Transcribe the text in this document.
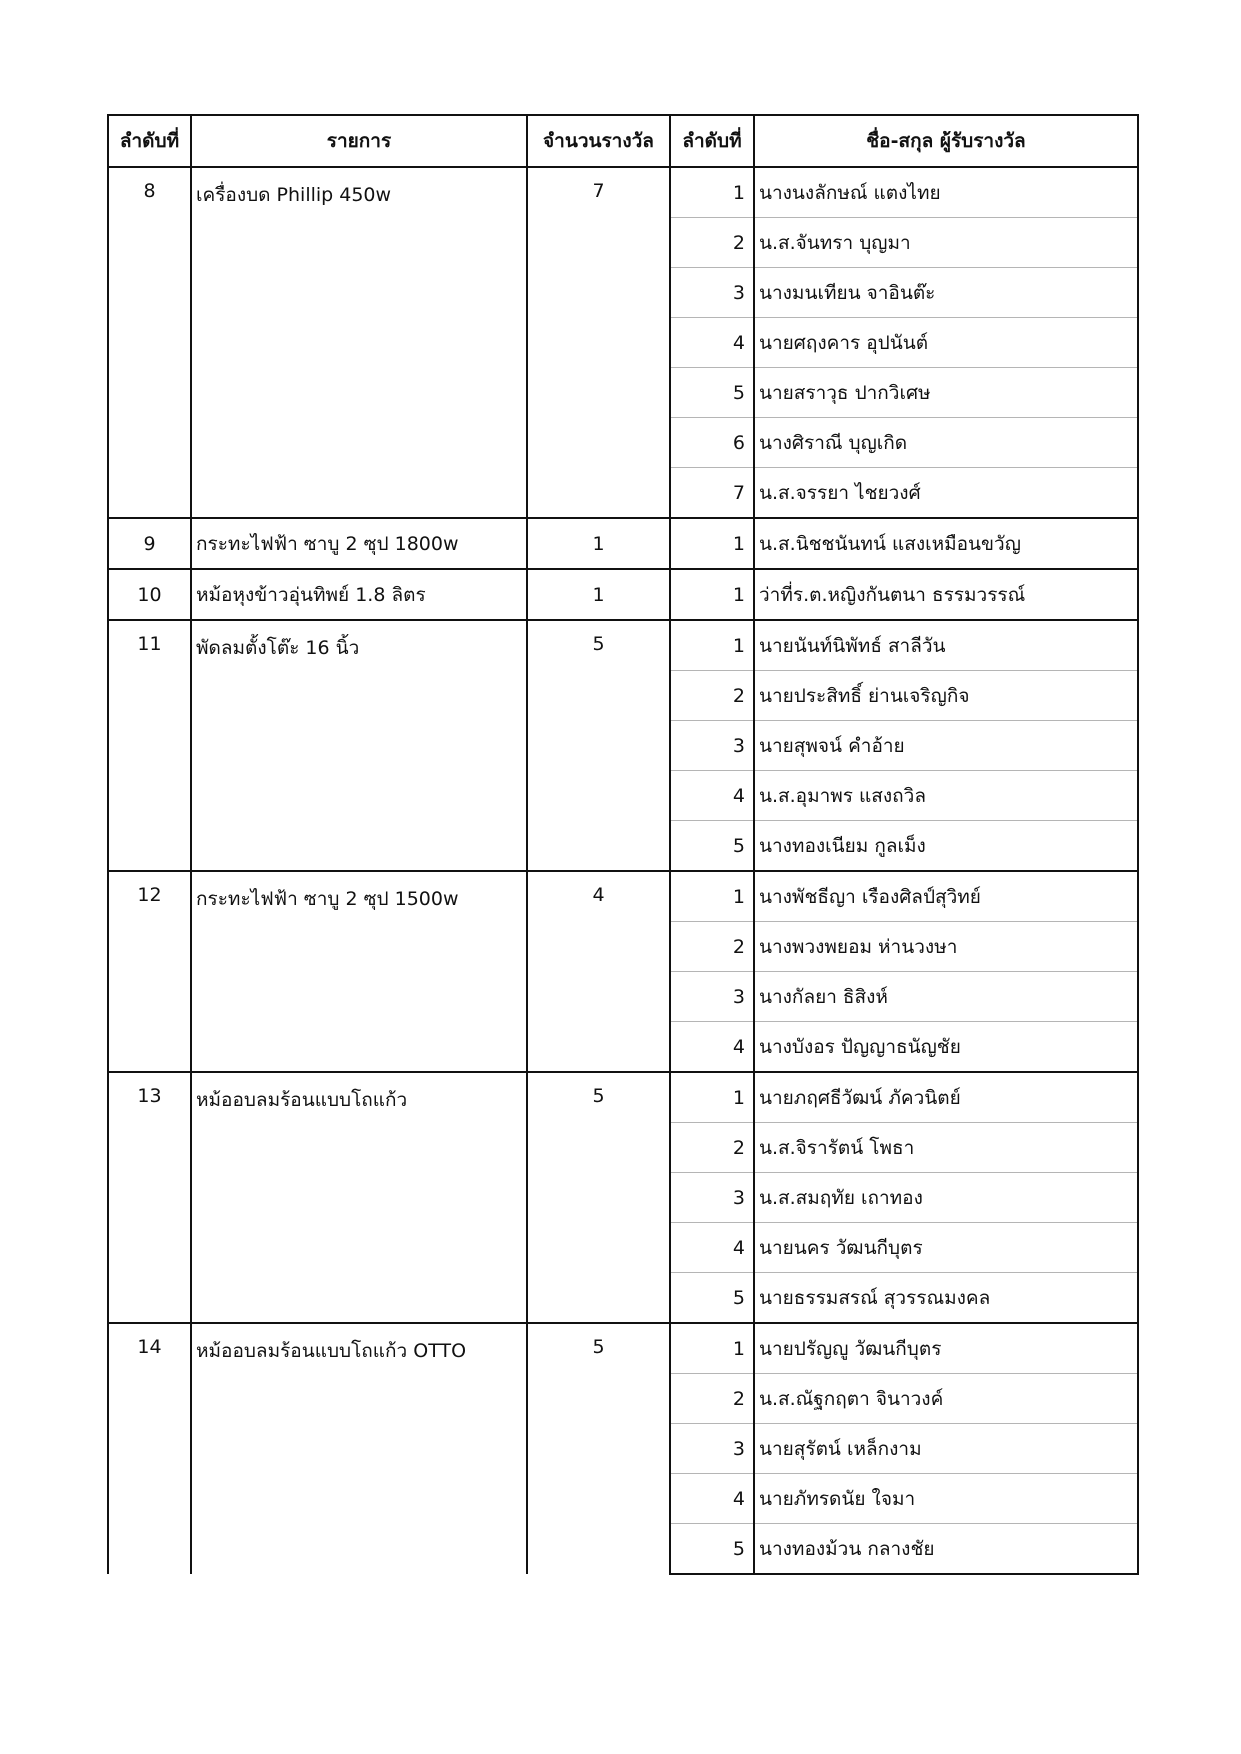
ลำดับที่	รายการ	จำนวนรางวัล	ลำดับที่	ชื่อ-สกุล ผู้รับรางวัล
8	เครื่องบด Phillip 450w	7	1	นางนงลักษณ์ แตงไทย
			2	น.ส.จันทรา บุญมา
			3	นางมนเทียน จาอินต๊ะ
			4	นายศฤงคาร อุปนันต์
			5	นายสราวุธ ปากวิเศษ
			6	นางศิราณี บุญเกิด
			7	น.ส.จรรยา ไชยวงศ์
9	กระทะไฟฟ้า ซาบู 2 ซุป 1800w	1	1	น.ส.นิชชนันทน์ แสงเหมือนขวัญ
10	หม้อหุงข้าวอุ่นทิพย์ 1.8 ลิตร	1	1	ว่าที่ร.ต.หญิงกันตนา ธรรมวรรณ์
11	พัดลมตั้งโต๊ะ 16 นิ้ว	5	1	นายนันท์นิพัทธ์ สาลีวัน
			2	นายประสิทธิ์ ย่านเจริญกิจ
			3	นายสุพจน์ คำอ้าย
			4	น.ส.อุมาพร แสงถวิล
			5	นางทองเนียม กูลเม็ง
12	กระทะไฟฟ้า ซาบู 2 ซุป 1500w	4	1	นางพัชธีญา เรืองศิลป์สุวิทย์
			2	นางพวงพยอม ห่านวงษา
			3	นางกัลยา ธิสิงห์
			4	นางบังอร ปัญญาธนัญชัย
13	หม้ออบลมร้อนแบบโถแก้ว	5	1	นายภฤศธีวัฒน์ ภัควนิตย์
			2	น.ส.จิรารัตน์ โพธา
			3	น.ส.สมฤทัย เถาทอง
			4	นายนคร วัฒนกีบุตร
			5	นายธรรมสรณ์ สุวรรณมงคล
14	หม้ออบลมร้อนแบบโถแก้ว OTTO	5	1	นายปรัญญู วัฒนกีบุตร
			2	น.ส.ณัฐกฤตา จินาวงค์
			3	นายสุรัตน์ เหล็กงาม
			4	นายภัทรดนัย ใจมา
			5	นางทองม้วน กลางชัย
